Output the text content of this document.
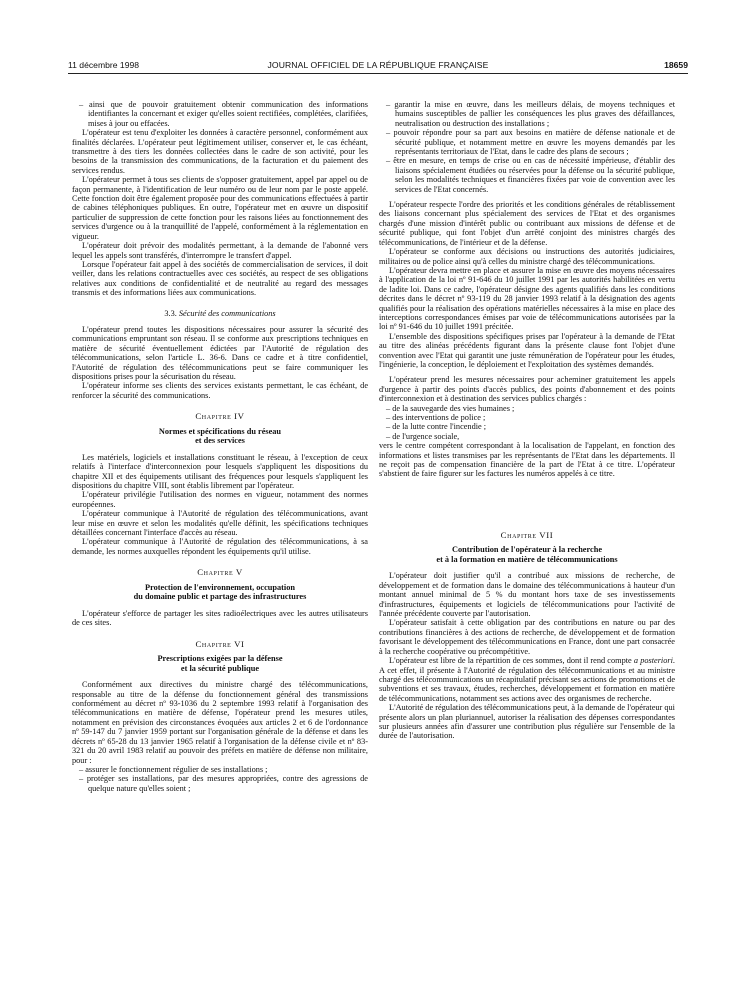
11 décembre 1998	JOURNAL OFFICIEL DE LA RÉPUBLIQUE FRANÇAISE	18659

– ainsi que de pouvoir gratuitement obtenir communication des informations identifiantes la concernant et exiger qu'elles soient rectifiées, complétées, clarifiées, mises à jour ou effacées.

L'opérateur est tenu d'exploiter les données à caractère personnel, conformément aux finalités déclarées. L'opérateur peut légitimement utiliser, conserver et, le cas échéant, transmettre à des tiers les données collectées dans le cadre de son activité, pour les besoins de la transmission des communications, de la facturation et du paiement des services rendus.

L'opérateur permet à tous ses clients de s'opposer gratuitement, appel par appel ou de façon permanente, à l'identification de leur numéro ou de leur nom par le poste appelé. Cette fonction doit être également proposée pour des communications effectuées à partir de cabines téléphoniques publiques. En outre, l'opérateur met en œuvre un dispositif particulier de suppression de cette fonction pour les raisons liées au fonctionnement des services d'urgence ou à la tranquillité de l'appelé, conformément à la réglementation en vigueur.

L'opérateur doit prévoir des modalités permettant, à la demande de l'abonné vers lequel les appels sont transférés, d'interrompre le transfert d'appel.

Lorsque l'opérateur fait appel à des sociétés de commercialisation de services, il doit veiller, dans les relations contractuelles avec ces sociétés, au respect de ses obligations relatives aux conditions de confidentialité et de neutralité au regard des messages transmis et des informations liées aux communications.

3.3. Sécurité des communications

L'opérateur prend toutes les dispositions nécessaires pour assurer la sécurité des communications empruntant son réseau. Il se conforme aux prescriptions techniques en matière de sécurité éventuellement édictées par l'Autorité de régulation des télécommunications, selon l'article L. 36-6. Dans ce cadre et à titre confidentiel, l'Autorité de régulation des télécommunications peut se faire communiquer les dispositions prises pour la sécurisation du réseau.

L'opérateur informe ses clients des services existants permettant, le cas échéant, de renforcer la sécurité des communications.

Chapitre IV
Normes et spécifications du réseau
et des services

Les matériels, logiciels et installations constituant le réseau, à l'exception de ceux relatifs à l'interface d'interconnexion pour lesquels s'appliquent les dispositions du chapitre XII et des équipements utilisant des fréquences pour lesquels s'appliquent les dispositions du chapitre VIII, sont établis librement par l'opérateur.

L'opérateur privilégie l'utilisation des normes en vigueur, notamment des normes européennes.

L'opérateur communique à l'Autorité de régulation des télécommunications, avant leur mise en œuvre et selon les modalités qu'elle définit, les spécifications techniques détaillées concernant l'interface d'accès au réseau.

L'opérateur communique à l'Autorité de régulation des télécommunications, à sa demande, les normes auxquelles répondent les équipements qu'il utilise.

Chapitre V
Protection de l'environnement, occupation
du domaine public et partage des infrastructures

L'opérateur s'efforce de partager les sites radioélectriques avec les autres utilisateurs de ces sites.

Chapitre VI
Prescriptions exigées par la défense
et la sécurité publique

Conformément aux directives du ministre chargé des télécommunications, responsable au titre de la défense du fonctionnement général des transmissions conformément au décret nº 93-1036 du 2 septembre 1993 relatif à l'organisation des télécommunications en matière de défense, l'opérateur prend les mesures utiles, notamment en prévision des circonstances évoquées aux articles 2 et 6 de l'ordonnance nº 59-147 du 7 janvier 1959 portant sur l'organisation générale de la défense et dans les décrets nº 65-28 du 13 janvier 1965 relatif à l'organisation de la défense civile et nº 83-321 du 20 avril 1983 relatif au pouvoir des préfets en matière de défense non militaire, pour :

– assurer le fonctionnement régulier de ses installations ;

– protéger ses installations, par des mesures appropriées, contre des agressions de quelque nature qu'elles soient ;

– garantir la mise en œuvre, dans les meilleurs délais, de moyens techniques et humains susceptibles de pallier les conséquences les plus graves des défaillances, neutralisation ou destruction des installations ;

– pouvoir répondre pour sa part aux besoins en matière de défense nationale et de sécurité publique, et notamment mettre en œuvre les moyens demandés par les représentants territoriaux de l'Etat, dans le cadre des plans de secours ;

– être en mesure, en temps de crise ou en cas de nécessité impérieuse, d'établir des liaisons spécialement étudiées ou réservées pour la défense ou la sécurité publique, selon les modalités techniques et financières fixées par voie de convention avec les services de l'Etat concernés.

L'opérateur respecte l'ordre des priorités et les conditions générales de rétablissement des liaisons concernant plus spécialement des services de l'Etat et des organismes chargés d'une mission d'intérêt public ou contribuant aux missions de défense et de sécurité publique, qui font l'objet d'un arrêté conjoint des ministres chargés des télécommunications, de l'intérieur et de la défense.

L'opérateur se conforme aux décisions ou instructions des autorités judiciaires, militaires ou de police ainsi qu'à celles du ministre chargé des télécommunications.

L'opérateur devra mettre en place et assurer la mise en œuvre des moyens nécessaires à l'application de la loi nº 91-646 du 10 juillet 1991 par les autorités habilitées en vertu de ladite loi. Dans ce cadre, l'opérateur désigne des agents qualifiés dans les conditions décrites dans le décret nº 93-119 du 28 janvier 1993 relatif à la désignation des agents qualifiés pour la réalisation des opérations matérielles nécessaires à la mise en place des interceptions correspondances émises par voie de télécommunications autorisées par la loi nº 91-646 du 10 juillet 1991 précitée.

L'ensemble des dispositions spécifiques prises par l'opérateur à la demande de l'Etat au titre des alinéas précédents figurant dans la présente clause font l'objet d'une convention avec l'Etat qui garantit une juste rémunération de l'opérateur pour les études, l'ingénierie, la conception, le déploiement et l'exploitation des systèmes demandés.

L'opérateur prend les mesures nécessaires pour acheminer gratuitement les appels d'urgence à partir des points d'accès publics, des points d'abonnement et des points d'interconnexion et à destination des services publics chargés :

– de la sauvegarde des vies humaines ;

– des interventions de police ;

– de la lutte contre l'incendie ;

– de l'urgence sociale,

vers le centre compétent correspondant à la localisation de l'appelant, en fonction des informations et listes transmises par les représentants de l'Etat dans les départements. Il ne reçoit pas de compensation financière de la part de l'Etat à ce titre. L'opérateur s'abstient de faire figurer sur les factures les numéros appelés à ce titre.

Chapitre VII
Contribution de l'opérateur à la recherche
et à la formation en matière de télécommunications

L'opérateur doit justifier qu'il a contribué aux missions de recherche, de développement et de formation dans le domaine des télécommunications à hauteur d'un montant annuel minimal de 5 % du montant hors taxe de ses investissements d'infrastructures, équipements et logiciels de télécommunications pour l'activité de l'année précédente couverte par l'autorisation.

L'opérateur satisfait à cette obligation par des contributions en nature ou par des contributions financières à des actions de recherche, de développement et de formation favorisant le développement des télécommunications en France, dont une part consacrée à la recherche coopérative ou précompétitive.

L'opérateur est libre de la répartition de ces sommes, dont il rend compte a posteriori. A cet effet, il présente à l'Autorité de régulation des télécommunications et au ministre chargé des télécommunications un récapitulatif précisant ses actions de promotions et de subventions et ses travaux, études, recherches, développement et formation en matière de télécommunications, notamment ses actions avec des organismes de recherche.

L'Autorité de régulation des télécommunications peut, à la demande de l'opérateur qui présente alors un plan pluriannuel, autoriser la réalisation des dépenses correspondantes sur plusieurs années afin d'assurer une contribution plus régulière sur l'ensemble de la durée de l'autorisation.
